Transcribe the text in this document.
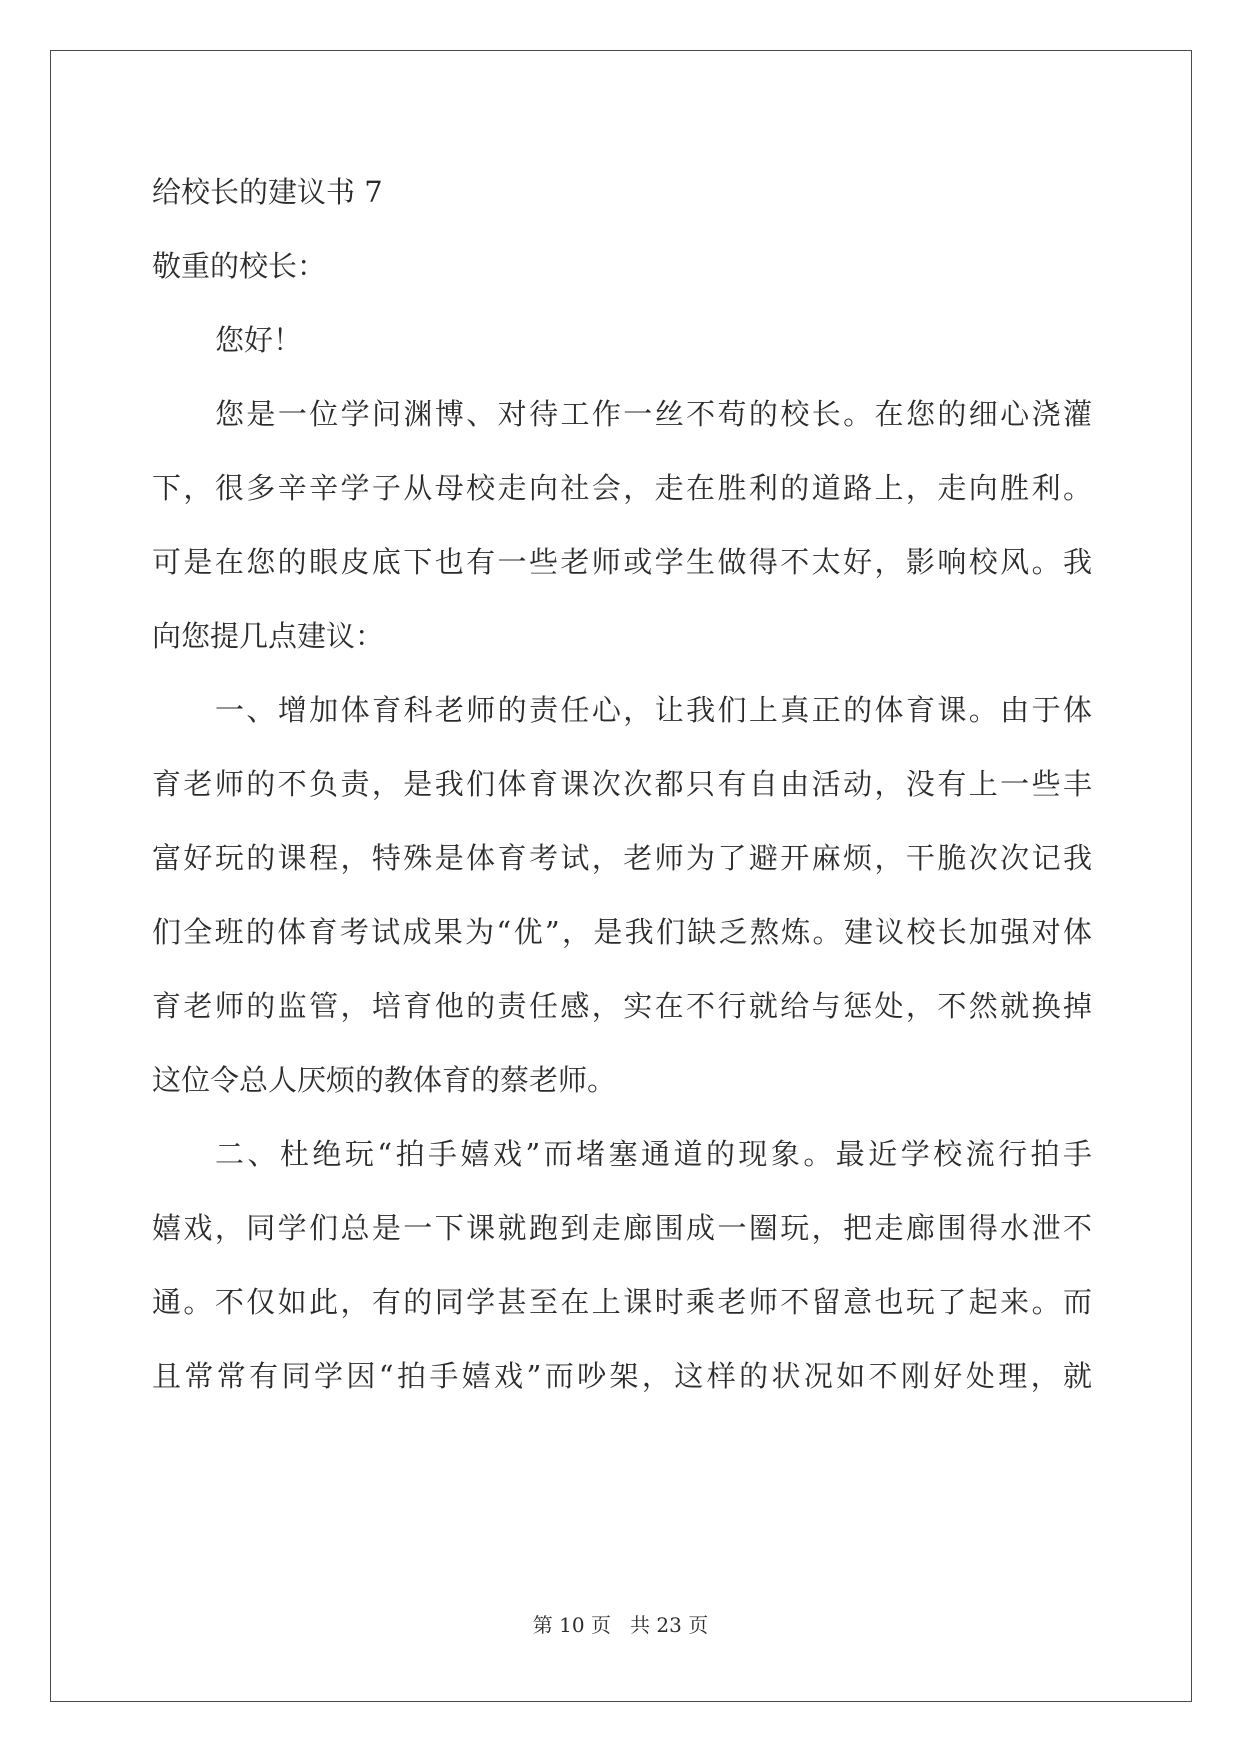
给校长的建议书 7
敬重的校长：
您好！
您是一位学问渊博、对待工作一丝不苟的校长。在您的细心浇灌
下，很多辛辛学子从母校走向社会，走在胜利的道路上，走向胜利。
可是在您的眼皮底下也有一些老师或学生做得不太好，影响校风。我
向您提几点建议：
一、增加体育科老师的责任心，让我们上真正的体育课。由于体
育老师的不负责，是我们体育课次次都只有自由活动，没有上一些丰
富好玩的课程，特殊是体育考试，老师为了避开麻烦，干脆次次记我
们全班的体育考试成果为“优”，是我们缺乏熬炼。建议校长加强对体
育老师的监管，培育他的责任感，实在不行就给与惩处，不然就换掉
这位令总人厌烦的教体育的蔡老师。
二、杜绝玩“拍手嬉戏”而堵塞通道的现象。最近学校流行拍手
嬉戏，同学们总是一下课就跑到走廊围成一圈玩，把走廊围得水泄不
通。不仅如此，有的同学甚至在上课时乘老师不留意也玩了起来。而
且常常有同学因“拍手嬉戏”而吵架，这样的状况如不刚好处理，就
第 10 页   共 23 页
